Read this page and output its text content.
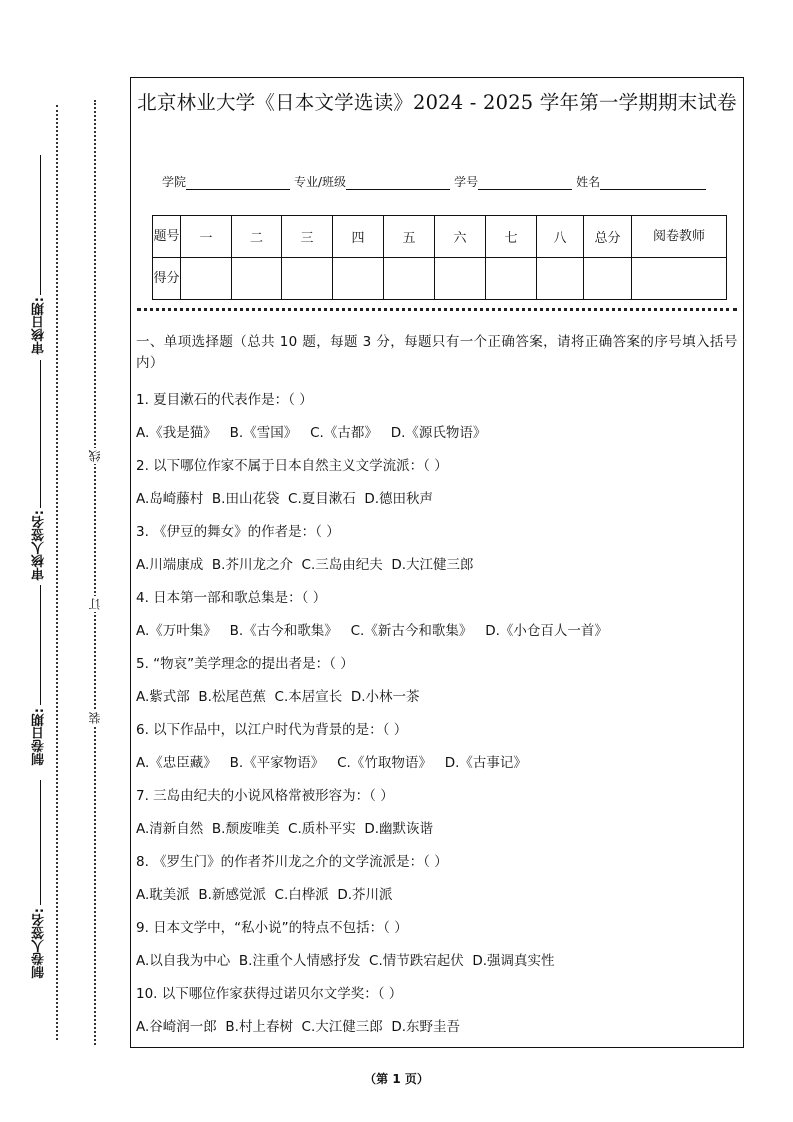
审核日期:
审核人签名:
制卷日期:
制卷人签名:
线
订
装
北京林业大学《日本文学选读》2024 - 2025 学年第一学期期末试卷
学院	专业/班级	学号	姓名
题号	一	二	三	四	五	六	七	八	总分	阅卷教师
得分										
一、单项选择题（总共 10 题，每题 3 分，每题只有一个正确答案，请将正确答案的序号填入括号内）
1. 夏目漱石的代表作是：（ ）
A.《我是猫》 B.《雪国》 C.《古都》 D.《源氏物语》
2. 以下哪位作家不属于日本自然主义文学流派：（ ）
A.岛崎藤村 B.田山花袋 C.夏目漱石 D.德田秋声
3. 《伊豆的舞女》的作者是：（ ）
A.川端康成 B.芥川龙之介 C.三岛由纪夫 D.大江健三郎
4. 日本第一部和歌总集是：（ ）
A.《万叶集》 B.《古今和歌集》 C.《新古今和歌集》 D.《小仓百人一首》
5. “物哀”美学理念的提出者是：（ ）
A.紫式部 B.松尾芭蕉 C.本居宣长 D.小林一茶
6. 以下作品中，以江户时代为背景的是：（ ）
A.《忠臣藏》 B.《平家物语》 C.《竹取物语》 D.《古事记》
7. 三岛由纪夫的小说风格常被形容为：（ ）
A.清新自然 B.颓废唯美 C.质朴平实 D.幽默诙谐
8. 《罗生门》的作者芥川龙之介的文学流派是：（ ）
A.耽美派 B.新感觉派 C.白桦派 D.芥川派
9. 日本文学中，“私小说”的特点不包括：（ ）
A.以自我为中心 B.注重个人情感抒发 C.情节跌宕起伏 D.强调真实性
10. 以下哪位作家获得过诺贝尔文学奖：（ ）
A.谷崎润一郎 B.村上春树 C.大江健三郎 D.东野圭吾
（第 1 页）
